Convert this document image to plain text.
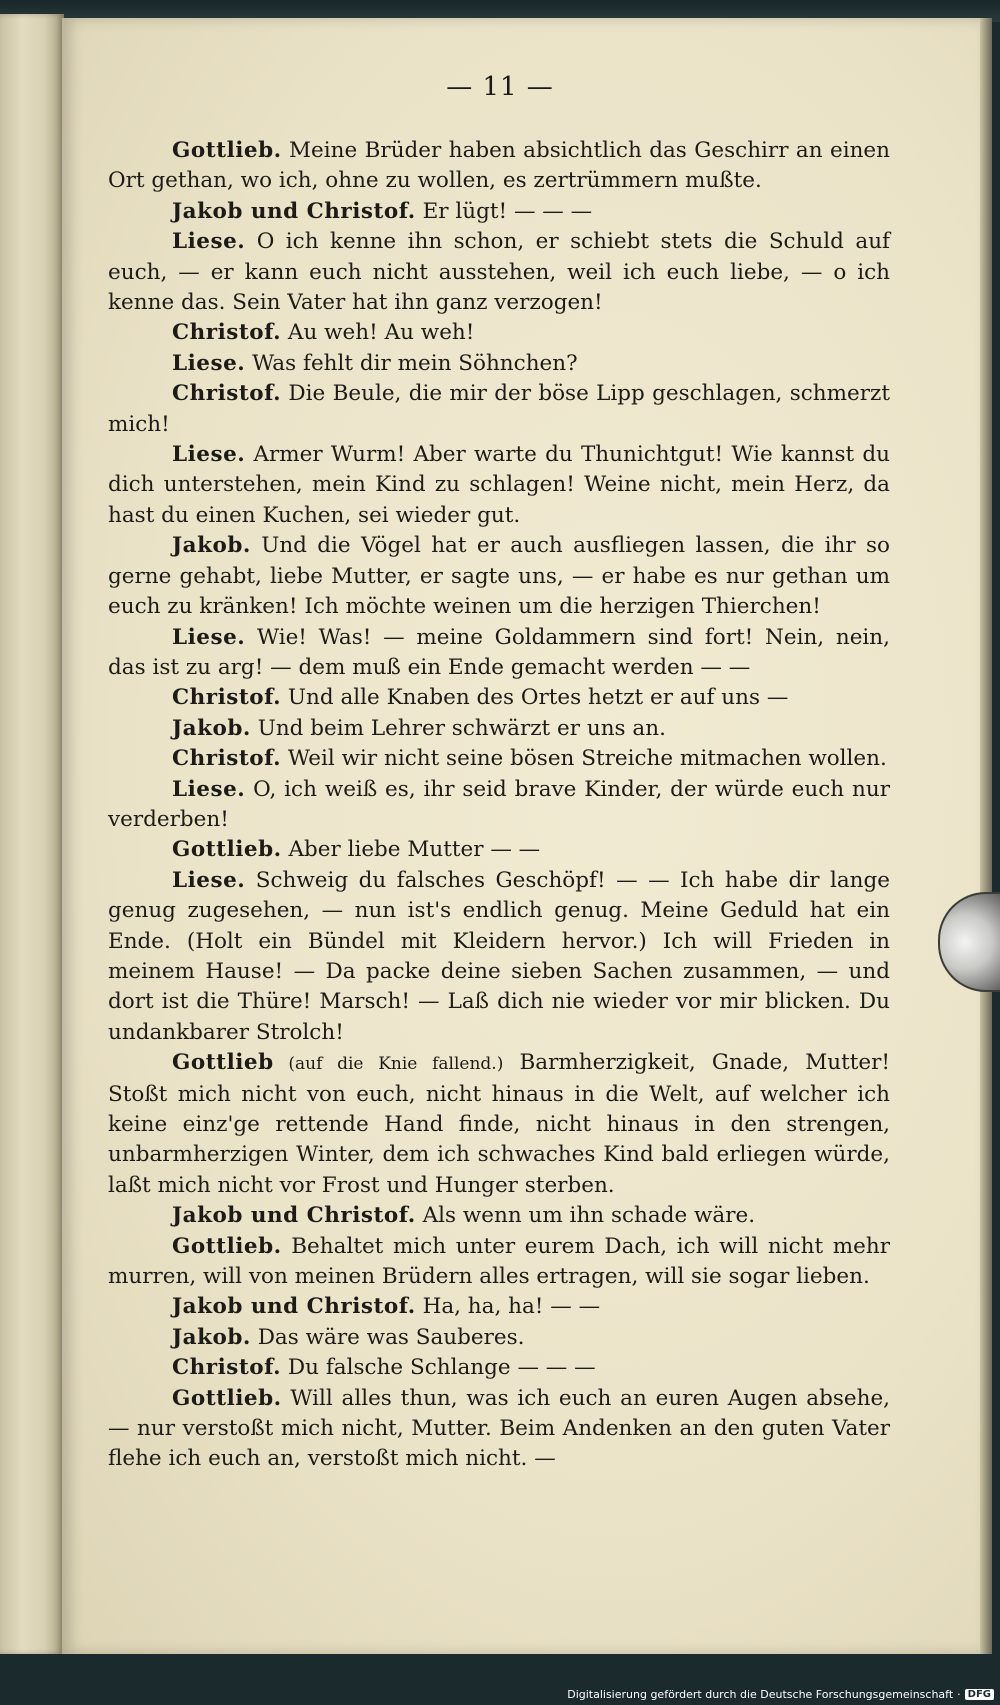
— 11 —

Gottlieb. Meine Brüder haben absichtlich das Geschirr an einen Ort gethan, wo ich, ohne zu wollen, es zertrümmern mußte.

Jakob und Christof. Er lügt! — — —

Liese. O ich kenne ihn schon, er schiebt stets die Schuld auf euch, — er kann euch nicht ausstehen, weil ich euch liebe, — o ich kenne das. Sein Vater hat ihn ganz verzogen!

Christof. Au weh! Au weh!

Liese. Was fehlt dir mein Söhnchen?

Christof. Die Beule, die mir der böse Lipp geschlagen, schmerzt mich!

Liese. Armer Wurm! Aber warte du Thunichtgut! Wie kannst du dich unterstehen, mein Kind zu schlagen! Weine nicht, mein Herz, da hast du einen Kuchen, sei wieder gut.

Jakob. Und die Vögel hat er auch ausfliegen lassen, die ihr so gerne gehabt, liebe Mutter, er sagte uns, — er habe es nur gethan um euch zu kränken! Ich möchte weinen um die herzigen Thierchen!

Liese. Wie! Was! — meine Goldammern sind fort! Nein, nein, das ist zu arg! — dem muß ein Ende gemacht werden — —

Christof. Und alle Knaben des Ortes hetzt er auf uns —

Jakob. Und beim Lehrer schwärzt er uns an.

Christof. Weil wir nicht seine bösen Streiche mitmachen wollen.

Liese. O, ich weiß es, ihr seid brave Kinder, der würde euch nur verderben!

Gottlieb. Aber liebe Mutter — —

Liese. Schweig du falsches Geschöpf! — — Ich habe dir lange genug zugesehen, — nun ist's endlich genug. Meine Geduld hat ein Ende. (Holt ein Bündel mit Kleidern hervor.) Ich will Frieden in meinem Hause! — Da packe deine sieben Sachen zusammen, — und dort ist die Thüre! Marsch! — Laß dich nie wieder vor mir blicken. Du undankbarer Strolch!

Gottlieb (auf die Knie fallend.) Barmherzigkeit, Gnade, Mutter! Stoßt mich nicht von euch, nicht hinaus in die Welt, auf welcher ich keine einz'ge rettende Hand finde, nicht hinaus in den strengen, unbarmherzigen Winter, dem ich schwaches Kind bald erliegen würde, laßt mich nicht vor Frost und Hunger sterben.

Jakob und Christof. Als wenn um ihn schade wäre.

Gottlieb. Behaltet mich unter eurem Dach, ich will nicht mehr murren, will von meinen Brüdern alles ertragen, will sie sogar lieben.

Jakob und Christof. Ha, ha, ha! — —

Jakob. Das wäre was Sauberes.

Christof. Du falsche Schlange — — —

Gottlieb. Will alles thun, was ich euch an euren Augen absehe, — nur verstoßt mich nicht, Mutter. Beim Andenken an den guten Vater flehe ich euch an, verstoßt mich nicht. —

Digitalisierung gefördert durch die Deutsche Forschungsgemeinschaft · DFG
